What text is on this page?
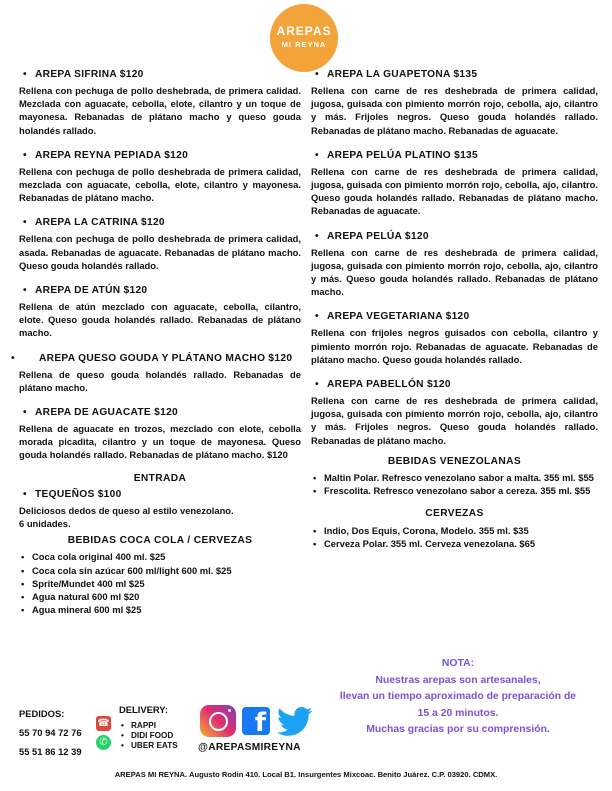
AREPAS
MI REYNA
• AREPA SIFRINA $120

Rellena con pechuga de pollo deshebrada, de primera calidad. Mezclada con aguacate, cebolla, elote, cilantro y un toque de mayonesa. Rebanadas de plátano macho y queso gouda holandés rallado.

• AREPA REYNA PEPIADA $120

Rellena con pechuga de pollo deshebrada de primera calidad, mezclada con aguacate, cebolla, elote, cilantro y mayonesa. Rebanadas de plátano macho.

• AREPA LA CATRINA $120

Rellena con pechuga de pollo deshebrada de primera calidad, asada. Rebanadas de aguacate. Rebanadas de plátano macho. Queso gouda holandés rallado.

• AREPA DE ATÚN $120

Rellena de atún mezclado con aguacate, cebolla, cilantro, elote. Queso gouda holandés rallado. Rebanadas de plátano macho.

• AREPA QUESO GOUDA Y PLÁTANO MACHO $120

Rellena de queso gouda holandés rallado. Rebanadas de plátano macho.

• AREPA DE AGUACATE $120

Rellena de aguacate en trozos, mezclado con elote, cebolla morada picadita, cilantro y un toque de mayonesa. Queso gouda holandés rallado. Rebanadas de plátano macho. $120

ENTRADA
• TEQUEÑOS $100

Deliciosos dedos de queso al estilo venezolano.
6 unidades.

BEBIDAS COCA COLA / CERVEZAS
• Coca cola original 400 ml. $25
• Coca cola sin azúcar 600 ml/light 600 ml. $25
• Sprite/Mundet 400 ml $25
• Agua natural 600 ml $20
• Agua mineral 600 ml $25
• AREPA LA GUAPETONA $135

Rellena con carne de res deshebrada de primera calidad, jugosa, guisada con pimiento morrón rojo, cebolla, ajo, cilantro y más. Frijoles negros. Queso gouda holandés rallado. Rebanadas de plátano macho. Rebanadas de aguacate.

• AREPA PELÚA PLATINO $135

Rellena con carne de res deshebrada de primera calidad, jugosa, guisada con pimiento morrón rojo, cebolla, ajo, cilantro. Queso gouda holandés rallado. Rebanadas de plátano macho. Rebanadas de aguacate.

• AREPA PELÚA $120

Rellena con carne de res deshebrada de primera calidad, jugosa, guisada con pimiento morrón rojo, cebolla, ajo, cilantro y más. Queso gouda holandés rallado. Rebanadas de plátano macho.

• AREPA VEGETARIANA $120

Rellena con frijoles negros guisados con cebolla, cilantro y pimiento morrón rojo. Rebanadas de aguacate. Rebanadas de plátano macho. Queso gouda holandés rallado.

• AREPA PABELLÓN $120

Rellena con carne de res deshebrada de primera calidad, jugosa, guisada con pimiento morrón rojo, cebolla, ajo, cilantro y más. Frijoles negros. Queso gouda holandés rallado. Rebanadas de plátano macho.

BEBIDAS VENEZOLANAS
• Maltin Polar. Refresco venezolano sabor a malta. 355 ml. $55
• Frescolita. Refresco venezolano sabor a cereza. 355 ml. $55
CERVEZAS
• Indio, Dos Equis, Corona, Modelo. 355 ml. $35
• Cerveza Polar. 355 ml. Cerveza venezolana. $65
NOTA:
Nuestras arepas son artesanales,
llevan un tiempo aproximado de preparación de
15 a 20 minutos.
Muchas gracias por su comprensión.
PEDIDOS:
55 70 94 72 76
55 51 86 12 39
☎
✆
DELIVERY:
• RAPPI
• DIDI FOOD
• UBER EATS
f
@AREPASMIREYNA
AREPAS MI REYNA. Augusto Rodin 410. Local B1. Insurgentes Mixcoac. Benito Juárez. C.P. 03920. CDMX.
